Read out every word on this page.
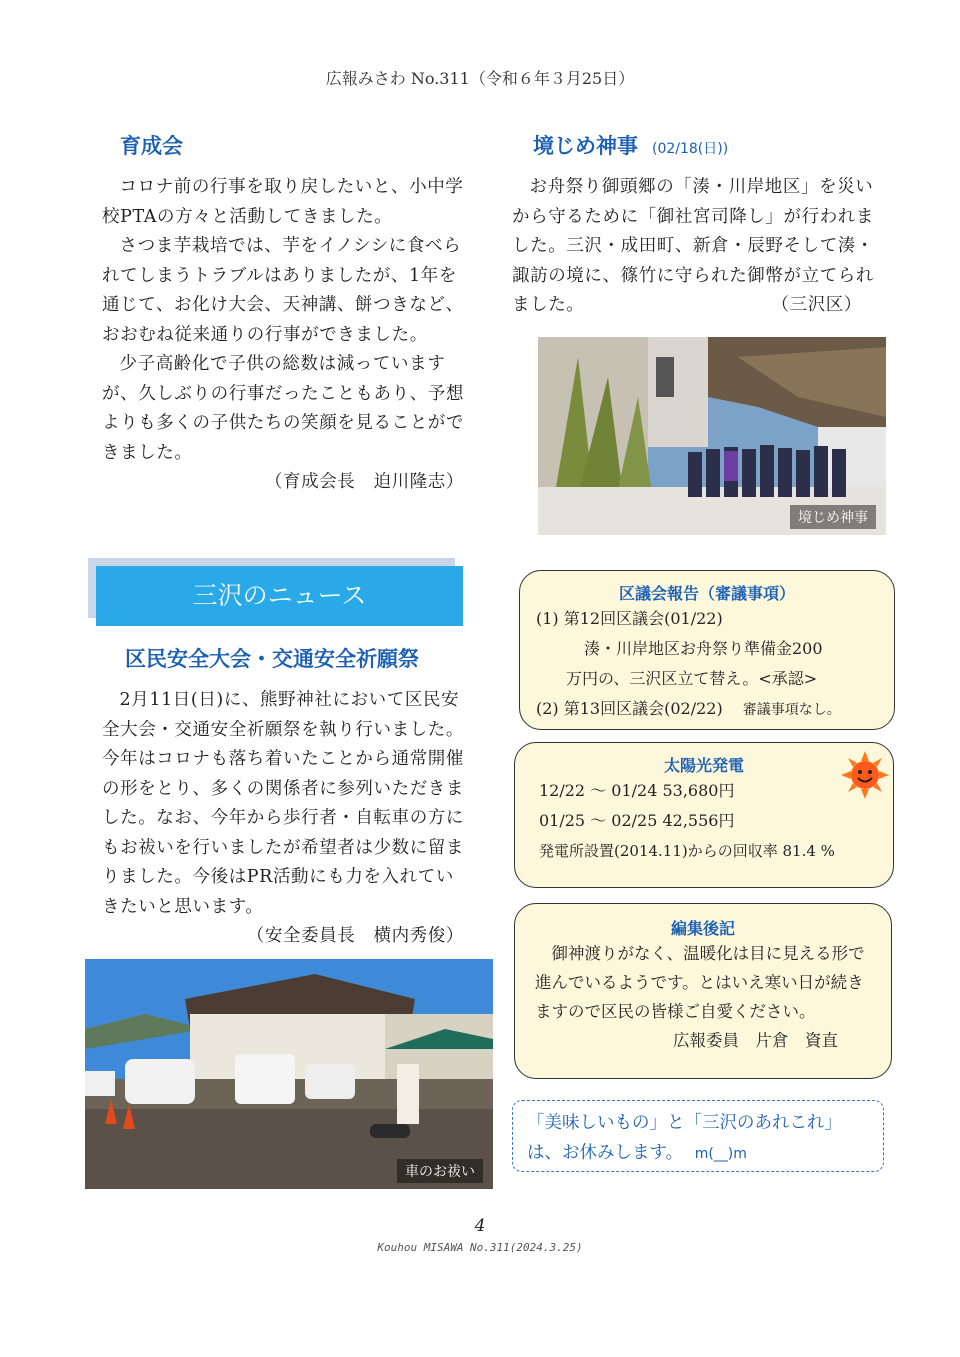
広報みさわ No.311（令和６年３月25日）
育成会

コロナ前の行事を取り戻したいと、小中学校PTAの方々と活動してきました。

さつま芋栽培では、芋をイノシシに食べられてしまうトラブルはありましたが、1年を通じて、お化け大会、天神講、餅つきなど、おおむね従来通りの行事ができました。

少子高齢化で子供の総数は減っていますが、久しぶりの行事だったこともあり、予想よりも多くの子供たちの笑顔を見ることができました。

（育成会長　迫川隆志）
境じめ神事 (02/18(日))

お舟祭り御頭郷の「湊・川岸地区」を災いから守るために「御社宮司降し」が行われました。三沢・成田町、新倉・辰野そして湊・諏訪の境に、篠竹に守られた御幣が立てられました。	（三沢区）
境じめ神事
三沢のニュース
区民安全大会・交通安全祈願祭

2月11日(日)に、熊野神社において区民安全大会・交通安全祈願祭を執り行いました。今年はコロナも落ち着いたことから通常開催の形をとり、多くの関係者に参列いただきました。なお、今年から歩行者・自転車の方にもお祓いを行いましたが希望者は少数に留まりました。今後はPR活動にも力を入れていきたいと思います。

（安全委員長　横内秀俊）
車のお祓い
区議会報告（審議事項）
(1) 第12回区議会(01/22)
湊・川岸地区お舟祭り準備金200
万円の、三沢区立て替え。<承認>
(2) 第13回区議会(02/22) 審議事項なし。
太陽光発電
12/22 ～ 01/24 53,680円
01/25 ～ 02/25 42,556円
発電所設置(2014.11)からの回収率 81.4 %
編集後記
御神渡りがなく、温暖化は目に見える形で進んでいるようです。とはいえ寒い日が続きますので区民の皆様ご自愛ください。
広報委員　片倉　資直
「美味しいもの」と「三沢のあれこれ」は、お休みします。 m(__)m
4
Kouhou MISAWA No.311(2024.3.25)
